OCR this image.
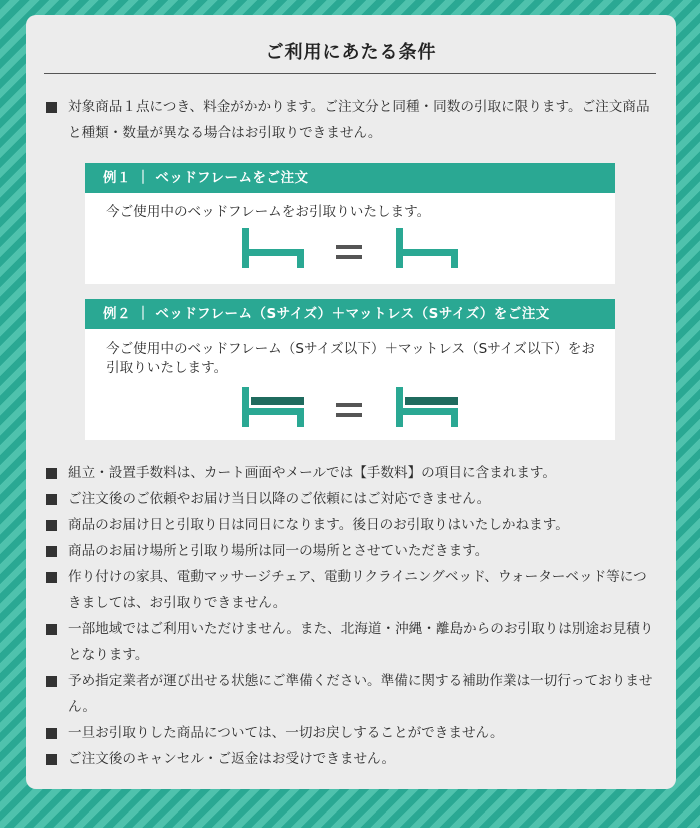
ご利用にあたる条件
対象商品１点につき、料金がかかります。ご注文分と同種・同数の引取に限ります。ご注文商品と種類・数量が異なる場合はお引取りできません。
例１ ｜ ベッドフレームをご注文
今ご使用中のベッドフレームをお引取りいたします。
例２ ｜ ベッドフレーム（Sサイズ）＋マットレス（Sサイズ）をご注文
今ご使用中のベッドフレーム（Sサイズ以下）＋マットレス（Sサイズ以下）をお引取りいたします。
組立・設置手数料は、カート画面やメールでは【手数料】の項目に含まれます。
ご注文後のご依頼やお届け当日以降のご依頼にはご対応できません。
商品のお届け日と引取り日は同日になります。後日のお引取りはいたしかねます。
商品のお届け場所と引取り場所は同一の場所とさせていただきます。
作り付けの家具、電動マッサージチェア、電動リクライニングベッド、ウォーターベッド等につきましては、お引取りできません。
一部地域ではご利用いただけません。また、北海道・沖縄・離島からのお引取りは別途お見積りとなります。
予め指定業者が運び出せる状態にご準備ください。準備に関する補助作業は一切行っておりません。
一旦お引取りした商品については、一切お戻しすることができません。
ご注文後のキャンセル・ご返金はお受けできません。
